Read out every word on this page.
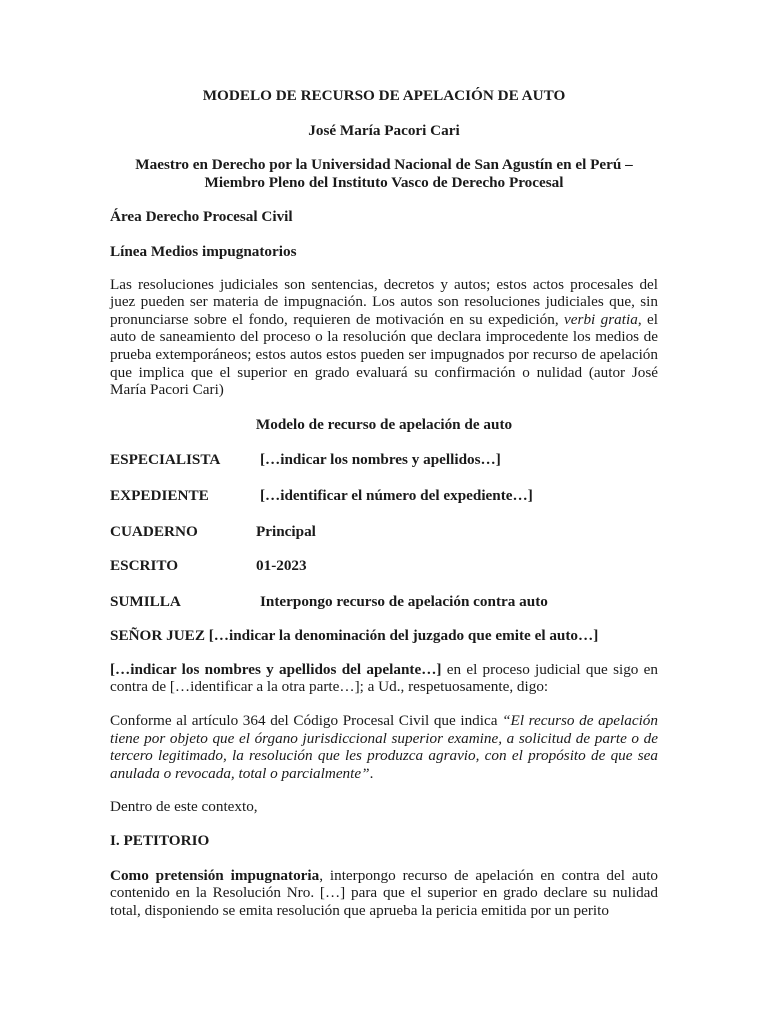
MODELO DE RECURSO DE APELACIÓN DE AUTO

José María Pacori Cari

Maestro en Derecho por la Universidad Nacional de San Agustín en el Perú –

Miembro Pleno del Instituto Vasco de Derecho Procesal

Área Derecho Procesal Civil

Línea Medios impugnatorios

Las resoluciones judiciales son sentencias, decretos y autos; estos actos procesales del juez pueden ser materia de impugnación. Los autos son resoluciones judiciales que, sin pronunciarse sobre el fondo, requieren de motivación en su expedición, verbi gratia, el auto de saneamiento del proceso o la resolución que declara improcedente los medios de prueba extemporáneos; estos autos estos pueden ser impugnados por recurso de apelación que implica que el superior en grado evaluará su confirmación o nulidad (autor José María Pacori Cari)

Modelo de recurso de apelación de auto

ESPECIALISTA	[…indicar los nombres y apellidos…]
EXPEDIENTE	[…identificar el número del expediente…]
CUADERNO	Principal
ESCRITO	01-2023
SUMILLA	Interpongo recurso de apelación contra auto

SEÑOR JUEZ […indicar la denominación del juzgado que emite el auto…]

[…indicar los nombres y apellidos del apelante…] en el proceso judicial que sigo en contra de […identificar a la otra parte…]; a Ud., respetuosamente, digo:

Conforme al artículo 364 del Código Procesal Civil que indica “El recurso de apelación tiene por objeto que el órgano jurisdiccional superior examine, a solicitud de parte o de tercero legitimado, la resolución que les produzca agravio, con el propósito de que sea anulada o revocada, total o parcialmente”.

Dentro de este contexto,

I. PETITORIO

Como pretensión impugnatoria, interpongo recurso de apelación en contra del auto contenido en la Resolución Nro. […] para que el superior en grado declare su nulidad total, disponiendo se emita resolución que aprueba la pericia emitida por un perito
